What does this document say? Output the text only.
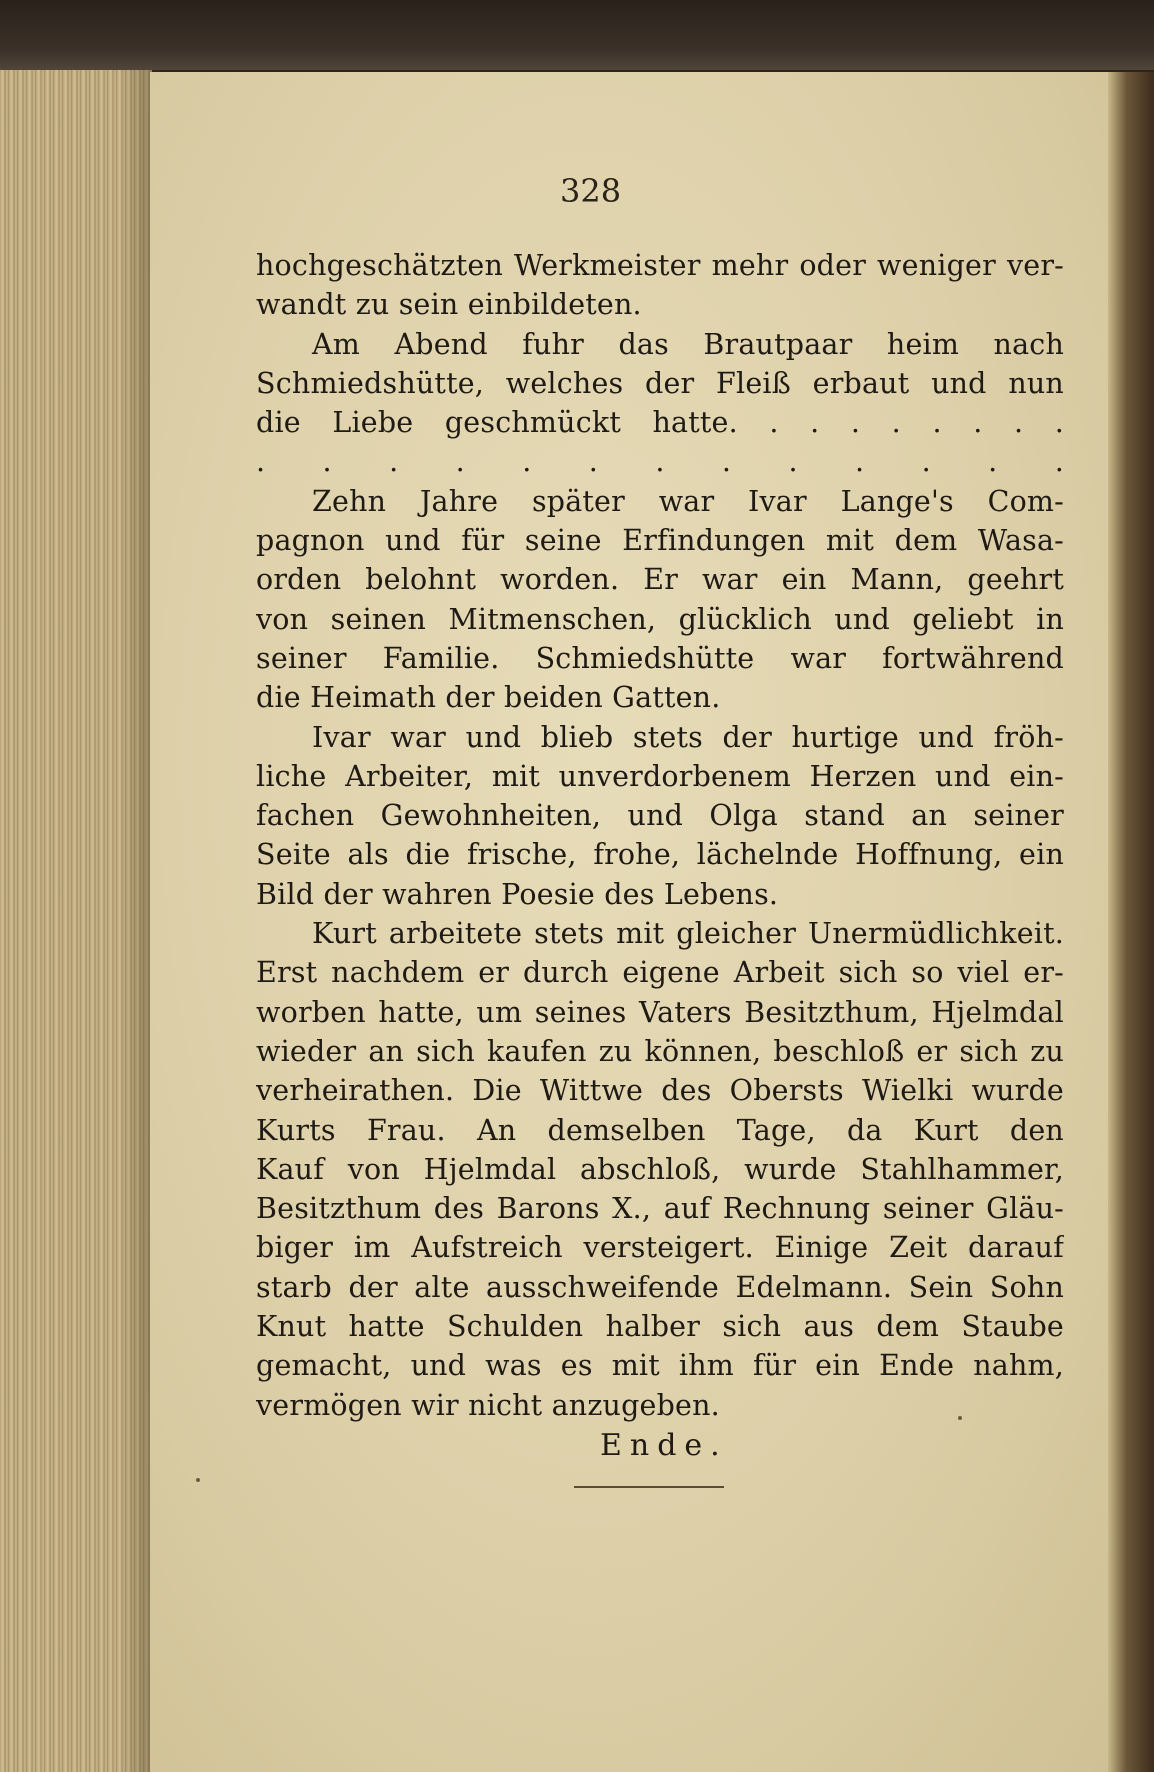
328
hochgeschätzten Werkmeister mehr oder weniger ver-
wandt zu sein einbildeten.
Am Abend fuhr das Brautpaar heim nach
Schmiedshütte, welches der Fleiß erbaut und nun
die Liebe geschmückt hatte. . . . . . . . .
. . . . . . . . . . . . .
Zehn Jahre später war Ivar Lange's Com-
pagnon und für seine Erfindungen mit dem Wasa-
orden belohnt worden. Er war ein Mann, geehrt
von seinen Mitmenschen, glücklich und geliebt in
seiner Familie. Schmiedshütte war fortwährend
die Heimath der beiden Gatten.
Ivar war und blieb stets der hurtige und fröh-
liche Arbeiter, mit unverdorbenem Herzen und ein-
fachen Gewohnheiten, und Olga stand an seiner
Seite als die frische, frohe, lächelnde Hoffnung, ein
Bild der wahren Poesie des Lebens.
Kurt arbeitete stets mit gleicher Unermüdlichkeit.
Erst nachdem er durch eigene Arbeit sich so viel er-
worben hatte, um seines Vaters Besitzthum, Hjelmdal
wieder an sich kaufen zu können, beschloß er sich zu
verheirathen. Die Wittwe des Obersts Wielki wurde
Kurts Frau. An demselben Tage, da Kurt den
Kauf von Hjelmdal abschloß, wurde Stahlhammer,
Besitzthum des Barons X., auf Rechnung seiner Gläu-
biger im Aufstreich versteigert. Einige Zeit darauf
starb der alte ausschweifende Edelmann. Sein Sohn
Knut hatte Schulden halber sich aus dem Staube
gemacht, und was es mit ihm für ein Ende nahm,
vermögen wir nicht anzugeben.

Ende.
